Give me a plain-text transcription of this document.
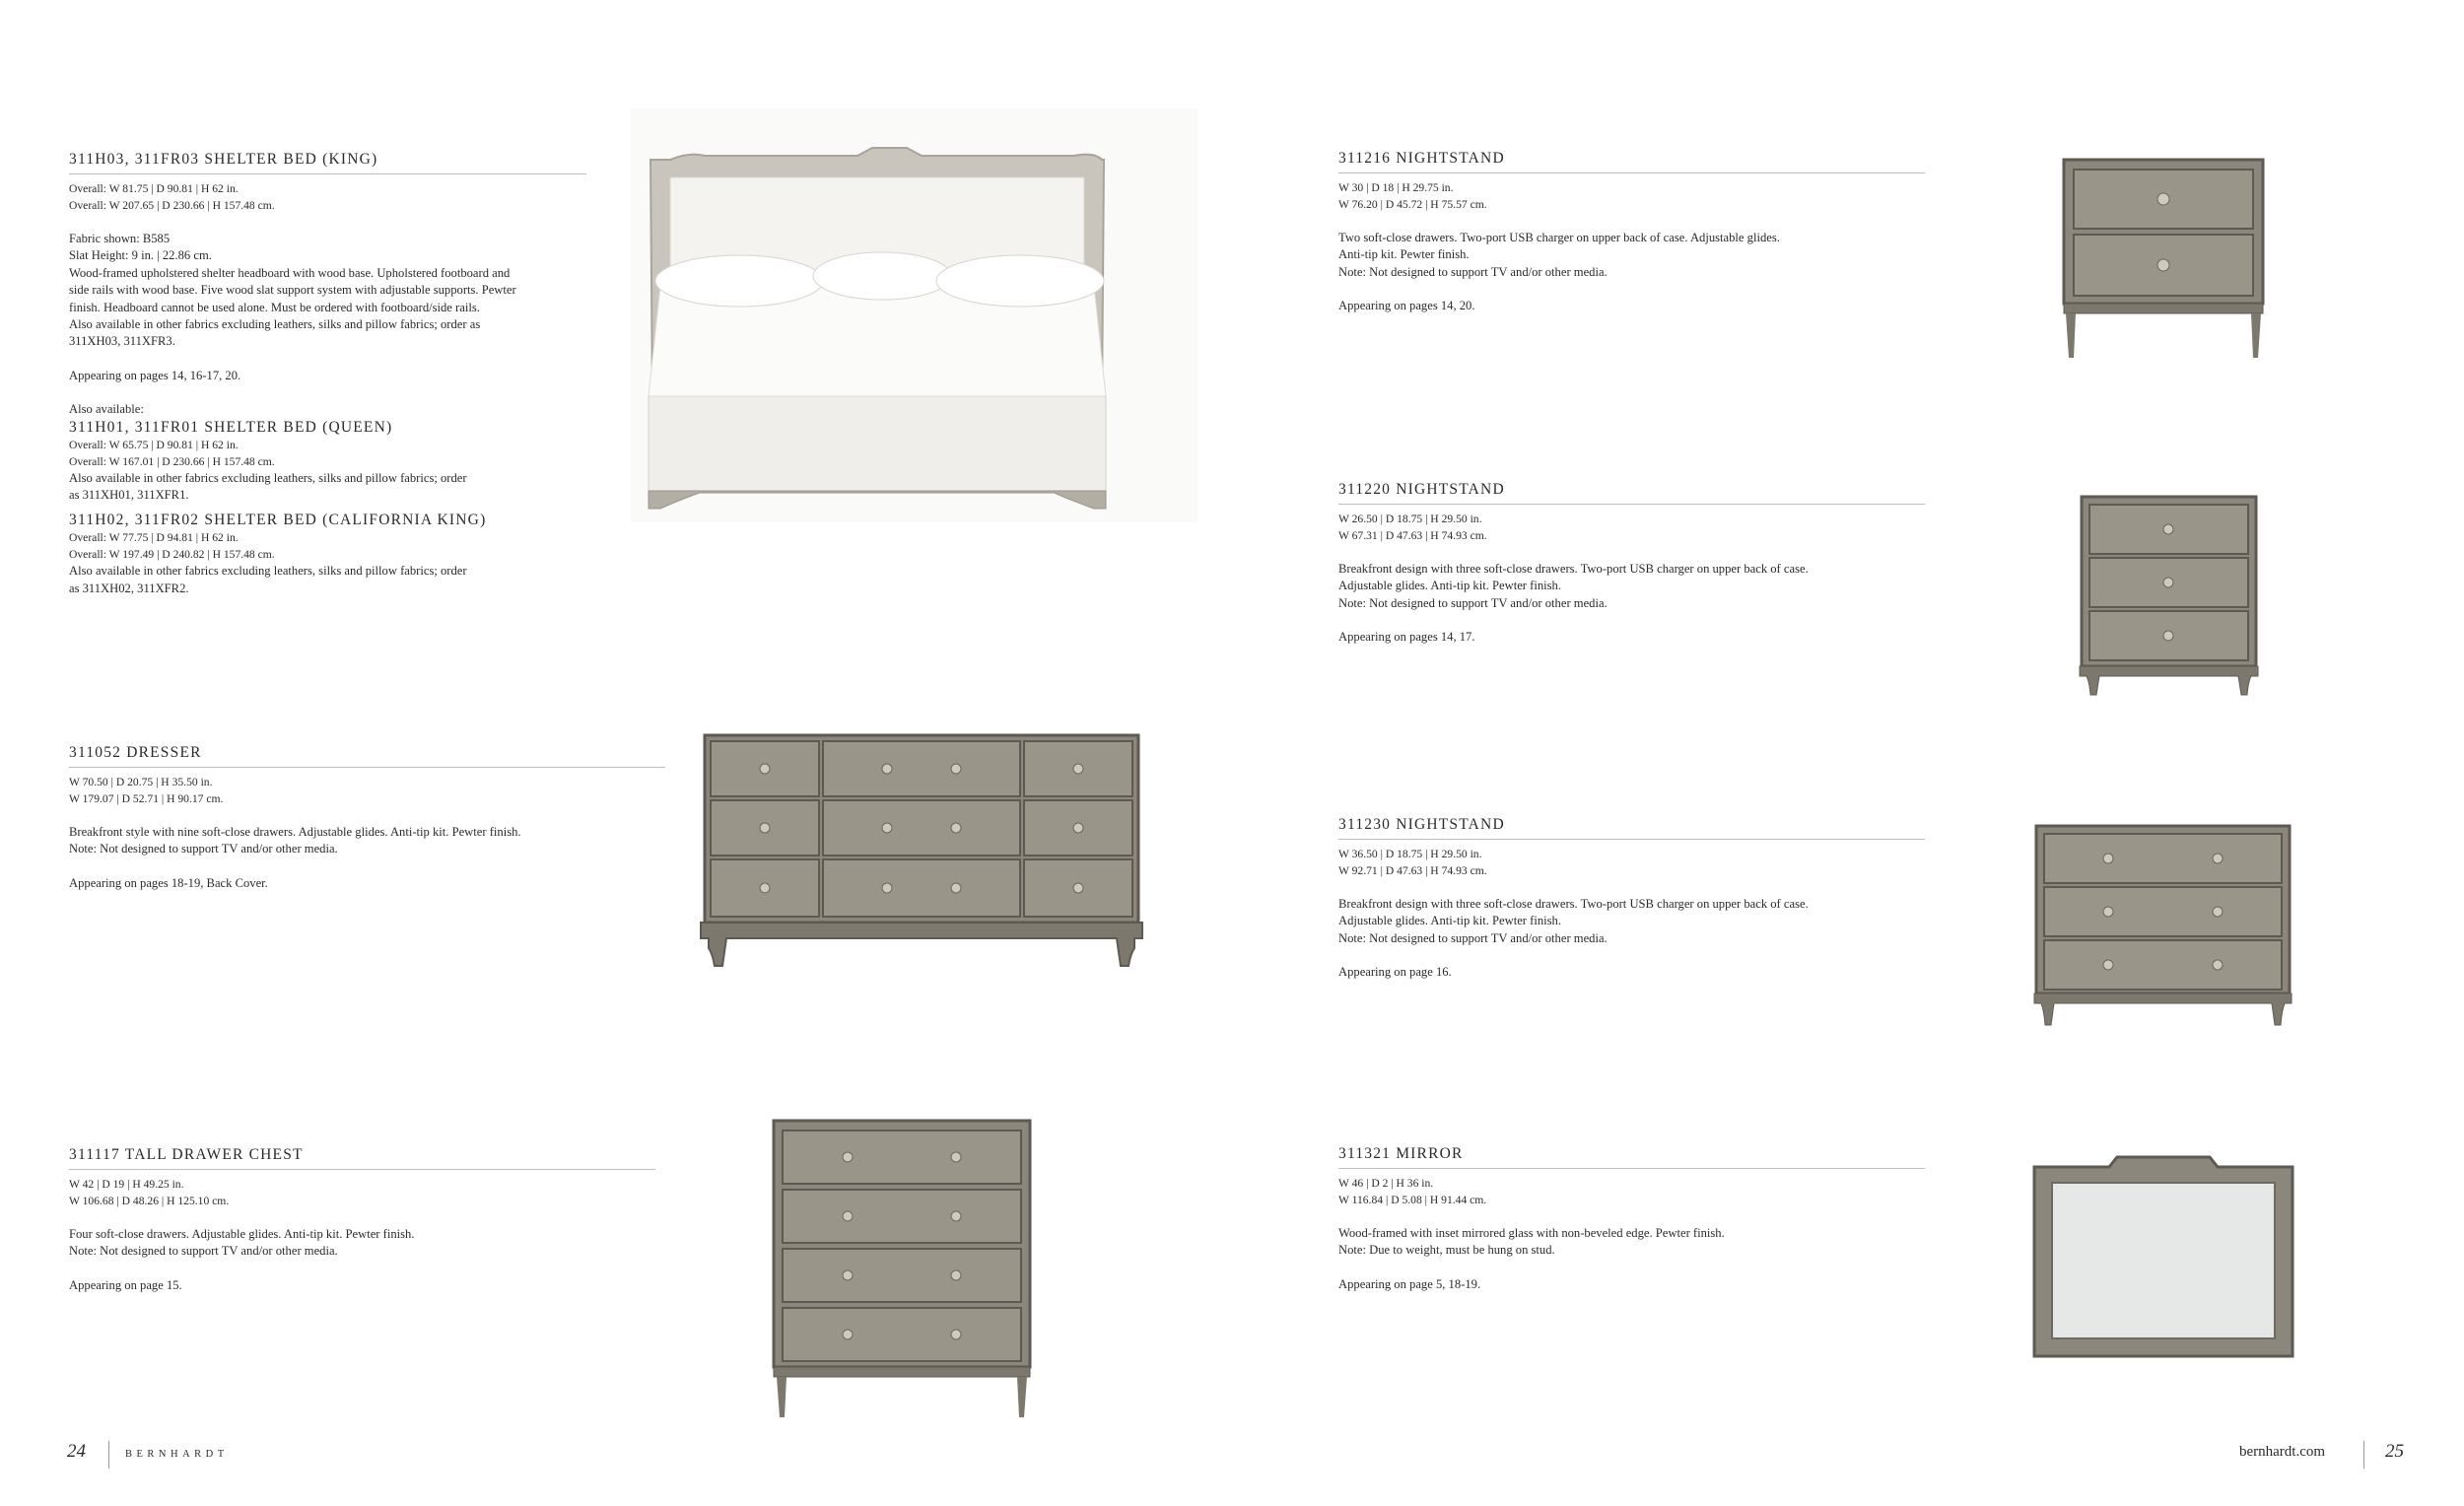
311H03, 311FR03 SHELTER BED (KING)
Overall: W 81.75 | D 90.81 | H 62 in.
Overall: W 207.65 | D 230.66 | H 157.48 cm.
Fabric shown: B585
Slat Height: 9 in. | 22.86 cm.
Wood-framed upholstered shelter headboard with wood base. Upholstered footboard and
side rails with wood base. Five wood slat support system with adjustable supports. Pewter
finish. Headboard cannot be used alone. Must be ordered with footboard/side rails.
Also available in other fabrics excluding leathers, silks and pillow fabrics; order as
311XH03, 311XFR3.
Appearing on pages 14, 16-17, 20.
Also available:
311H01, 311FR01 SHELTER BED (QUEEN)
Overall: W 65.75 | D 90.81 | H 62 in.
Overall: W 167.01 | D 230.66 | H 157.48 cm.
Also available in other fabrics excluding leathers, silks and pillow fabrics; order
as 311XH01, 311XFR1.
311H02, 311FR02 SHELTER BED (CALIFORNIA KING)
Overall: W 77.75 | D 94.81 | H 62 in.
Overall: W 197.49 | D 240.82 | H 157.48 cm.
Also available in other fabrics excluding leathers, silks and pillow fabrics; order
as 311XH02, 311XFR2.
311052 DRESSER
W 70.50 | D 20.75 | H 35.50 in.
W 179.07 | D 52.71 | H 90.17 cm.
Breakfront style with nine soft-close drawers. Adjustable glides. Anti-tip kit. Pewter finish.
Note: Not designed to support TV and/or other media.
Appearing on pages 18-19, Back Cover.
311117 TALL DRAWER CHEST
W 42 | D 19 | H 49.25 in.
W 106.68 | D 48.26 | H 125.10 cm.
Four soft-close drawers. Adjustable glides. Anti-tip kit. Pewter finish.
Note: Not designed to support TV and/or other media.
Appearing on page 15.
24	BERNHARDT
311216 NIGHTSTAND
W 30 | D 18 | H 29.75 in.
W 76.20 | D 45.72 | H 75.57 cm.
Two soft-close drawers. Two-port USB charger on upper back of case. Adjustable glides.
Anti-tip kit. Pewter finish.
Note: Not designed to support TV and/or other media.
Appearing on pages 14, 20.
311220 NIGHTSTAND
W 26.50 | D 18.75 | H 29.50 in.
W 67.31 | D 47.63 | H 74.93 cm.
Breakfront design with three soft-close drawers. Two-port USB charger on upper back of case.
Adjustable glides. Anti-tip kit. Pewter finish.
Note: Not designed to support TV and/or other media.
Appearing on pages 14, 17.
311230 NIGHTSTAND
W 36.50 | D 18.75 | H 29.50 in.
W 92.71 | D 47.63 | H 74.93 cm.
Breakfront design with three soft-close drawers. Two-port USB charger on upper back of case.
Adjustable glides. Anti-tip kit. Pewter finish.
Note: Not designed to support TV and/or other media.
Appearing on page 16.
311321 MIRROR
W 46 | D 2 | H 36 in.
W 116.84 | D 5.08 | H 91.44 cm.
Wood-framed with inset mirrored glass with non-beveled edge. Pewter finish.
Note: Due to weight, must be hung on stud.
Appearing on page 5, 18-19.
bernhardt.com	25
